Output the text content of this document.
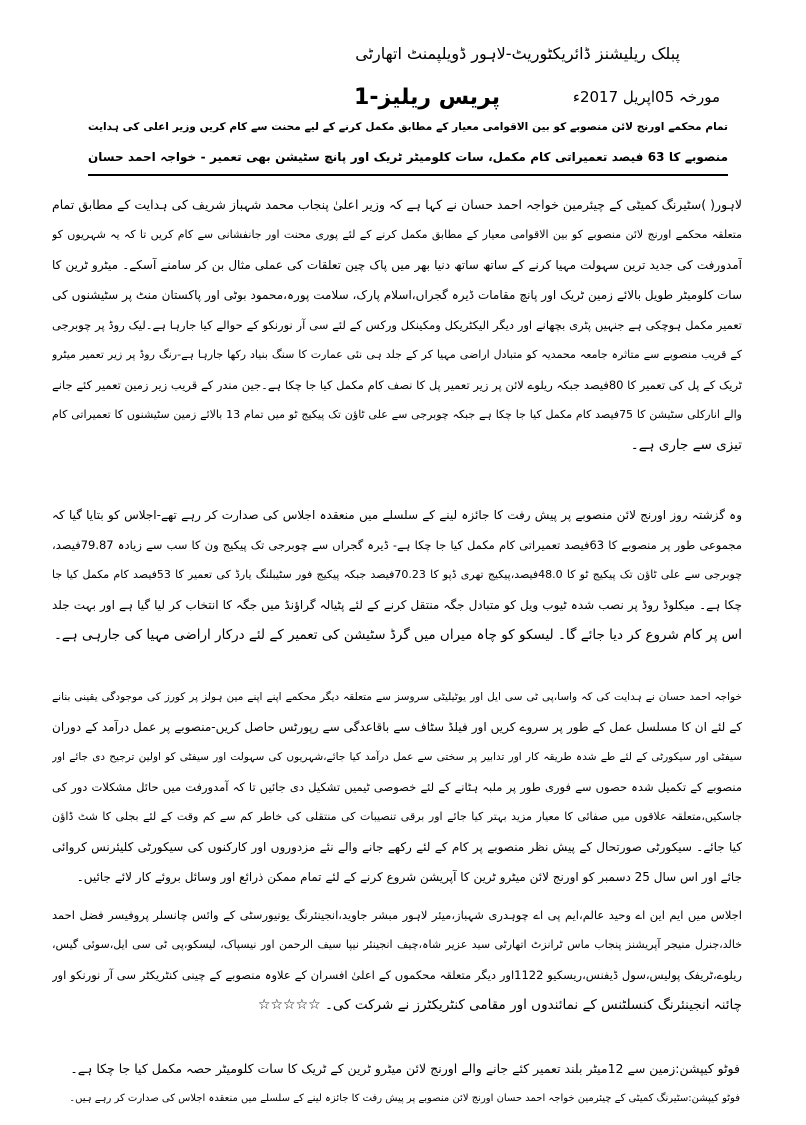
پبلک ریلیشنز ڈائریکٹوریٹ-لاہور ڈویلپمنٹ اتھارٹی
مورخہ 05اپریل 2017ء
پریس ریلیز-1
تمام محکمے اورنج لائن منصوبے کو بین الاقوامی معیار کے مطابق مکمل کرنے کے لیے محنت سے کام کریں وزیر اعلی کی ہدایت
منصوبے کا 63 فیصد تعمیراتی کام مکمل، سات کلومیٹر ٹریک اور پانچ سٹیشن بھی تعمیر - خواجہ احمد حسان
لاہور( )سٹیرنگ کمیٹی کے چیئرمین خواجہ احمد حسان نے کہا ہے کہ وزیر اعلیٰ پنجاب محمد شہباز شریف کی ہدایت کے مطابق تمام
متعلقہ محکمے اورنج لائن منصوبے کو بین الاقوامی معیار کے مطابق مکمل کرنے کے لئے پوری محنت اور جانفشانی سے کام کریں تا کہ یہ شہریوں کو
آمدورفت کی جدید ترین سہولت مہیا کرنے کے ساتھ ساتھ دنیا بھر میں پاک چین تعلقات کی عملی مثال بن کر سامنے آسکے۔ میٹرو ٹرین کا
سات کلومیٹر طویل بالائے زمین ٹریک اور پانچ مقامات ڈیرہ گجراں،اسلام پارک، سلامت پورہ،محمود بوٹی اور پاکستان منٹ پر سٹیشنوں کی
تعمیر مکمل ہوچکی ہے جنہیں پٹری بچھانے اور دیگر الیکٹریکل ومکینکل ورکس کے لئے سی آر نورنکو کے حوالے کیا جارہا ہے۔لیک روڈ پر چوبرجی
کے قریب منصوبے سے متاثرہ جامعہ محمدیہ کو متبادل اراضی مہیا کر کے جلد ہی نئی عمارت کا سنگ بنیاد رکھا جارہا ہے-رنگ روڈ پر زیر تعمیر میٹرو
ٹریک کے پل کی تعمیر کا 80فیصد جبکہ ریلوے لائن پر زیر تعمیر پل کا نصف کام مکمل کیا جا چکا ہے۔جین مندر کے قریب زیر زمین تعمیر کئے جانے
والے انارکلی سٹیشن کا 75فیصد کام مکمل کیا جا چکا ہے جبکہ چوبرجی سے علی ٹاؤن تک پیکیج ٹو میں تمام 13 بالائے زمین سٹیشنوں کا تعمیراتی کام
تیزی سے جاری ہے۔
وہ گزشتہ روز اورنج لائن منصوبے پر پیش رفت کا جائزہ لینے کے سلسلے میں منعقدہ اجلاس کی صدارت کر رہے تھے-اجلاس کو بتایا گیا کہ
مجموعی طور پر منصوبے کا 63فیصد تعمیراتی کام مکمل کیا جا چکا ہے- ڈیرہ گجراں سے چوبرجی تک پیکیج ون کا سب سے زیادہ 79.87فیصد،
چوبرجی سے علی ٹاؤن تک پیکیج ٹو کا 48.0فیصد،پیکیج تھری ڈپو کا 70.23فیصد جبکہ پیکیج فور سٹیبلنگ یارڈ کی تعمیر کا 53فیصد کام مکمل کیا جا
چکا ہے۔ میکلوڈ روڈ پر نصب شدہ ٹیوب ویل کو متبادل جگہ منتقل کرنے کے لئے پٹیالہ گراؤنڈ میں جگہ کا انتخاب کر لیا گیا ہے اور بہت جلد
اس پر کام شروع کر دیا جائے گا۔ لیسکو کو چاہ میراں میں گرڈ سٹیشن کی تعمیر کے لئے درکار اراضی مہیا کی جارہی ہے۔
خواجہ احمد حسان نے ہدایت کی کہ واسا،پی ٹی سی ایل اور یوٹیلیٹی سروسز سے متعلقہ دیگر محکمے اپنے اپنے مین ہولز پر کورز کی موجودگی یقینی بنانے
کے لئے ان کا مسلسل عمل کے طور پر سروے کریں اور فیلڈ سٹاف سے باقاعدگی سے رپورٹس حاصل کریں-منصوبے پر عمل درآمد کے دوران
سیفٹی اور سیکورٹی کے لئے طے شدہ طریقہ کار اور تدابیر پر سختی سے عمل درآمد کیا جائے،شہریوں کی سہولت اور سیفٹی کو اولین ترجیح دی جائے اور
منصوبے کے تکمیل شدہ حصوں سے فوری طور پر ملبہ ہٹانے کے لئے خصوصی ٹیمیں تشکیل دی جائیں تا کہ آمدورفت میں حائل مشکلات دور کی
جاسکیں،متعلقہ علاقوں میں صفائی کا معیار مزید بہتر کیا جائے اور برقی تنصیبات کی منتقلی کی خاطر کم سے کم وقت کے لئے بجلی کا شٹ ڈاؤن
کیا جائے۔ سیکورٹی صورتحال کے پیش نظر منصوبے پر کام کے لئے رکھے جانے والے نئے مزدوروں اور کارکنوں کی سیکورٹی کلیئرنس کروائی
جائے اور اس سال 25 دسمبر کو اورنج لائن میٹرو ٹرین کا آپریشن شروع کرنے کے لئے تمام ممکن ذرائع اور وسائل بروئے کار لائے جائیں۔
اجلاس میں ایم این اے وحید عالم،ایم پی اے چوہدری شہباز،میئر لاہور مبشر جاوید،انجینئرنگ یونیورسٹی کے وائس چانسلر پروفیسر فضل احمد
خالد،جنرل منیجر آپریشنز پنجاب ماس ٹرانزٹ اتھارٹی سید عزیر شاہ،چیف انجینئر نیپا سیف الرحمن اور نیسپاک، لیسکو،پی ٹی سی ایل،سوئی گیس،
ریلوے،ٹریفک پولیس،سول ڈیفنس،ریسکیو 1122اور دیگر متعلقہ محکموں کے اعلیٰ افسران کے علاوہ منصوبے کے چینی کنٹریکٹر سی آر نورنکو اور
چائنہ انجینئرنگ کنسلٹنس کے نمائندوں اور مقامی کنٹریکٹرز نے شرکت کی۔ ☆☆☆☆☆
فوٹو کیپشن:زمین سے 12میٹر بلند تعمیر کئے جانے والے اورنج لائن میٹرو ٹرین کے ٹریک کا سات کلومیٹر حصہ مکمل کیا جا چکا ہے۔
فوٹو کیپشن:سٹیرنگ کمیٹی کے چیئرمین خواجہ احمد حسان اورنج لائن منصوبے پر پیش رفت کا جائزہ لینے کے سلسلے میں منعقدہ اجلاس کی صدارت کر رہے ہیں۔
